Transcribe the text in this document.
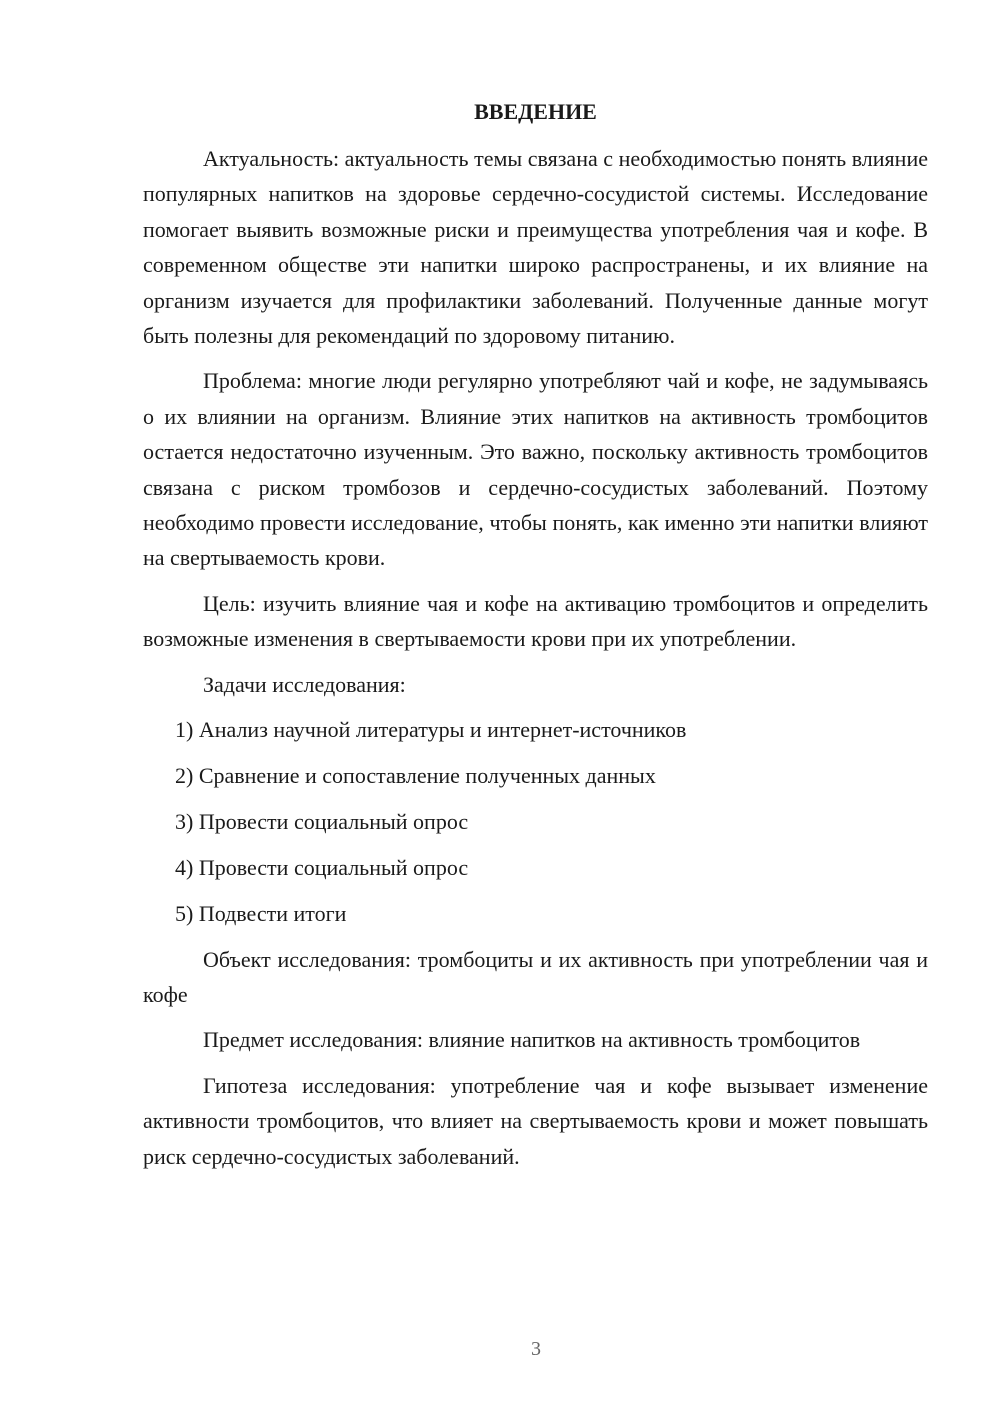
ВВЕДЕНИЕ

Актуальность: актуальность темы связана с необходимостью понять влияние популярных напитков на здоровье сердечно-сосудистой системы. Исследование помогает выявить возможные риски и преимущества употребления чая и кофе. В современном обществе эти напитки широко распространены, и их влияние на организм изучается для профилактики заболеваний. Полученные данные могут быть полезны для рекомендаций по здоровому питанию.

Проблема: многие люди регулярно употребляют чай и кофе, не задумываясь о их влиянии на организм. Влияние этих напитков на активность тромбоцитов остается недостаточно изученным. Это важно, поскольку активность тромбоцитов связана с риском тромбозов и сердечно-сосудистых заболеваний. Поэтому необходимо провести исследование, чтобы понять, как именно эти напитки влияют на свертываемость крови.

Цель: изучить влияние чая и кофе на активацию тромбоцитов и определить возможные изменения в свертываемости крови при их употреблении.

Задачи исследования:

1) Анализ научной литературы и интернет-источников
2) Сравнение и сопоставление полученных данных
3) Провести социальный опрос
4) Провести социальный опрос
5) Подвести итоги

Объект исследования: тромбоциты и их активность при употреблении чая и кофе

Предмет исследования: влияние напитков на активность тромбоцитов

Гипотеза исследования: употребление чая и кофе вызывает изменение активности тромбоцитов, что влияет на свертываемость крови и может повышать риск сердечно-сосудистых заболеваний.

3
